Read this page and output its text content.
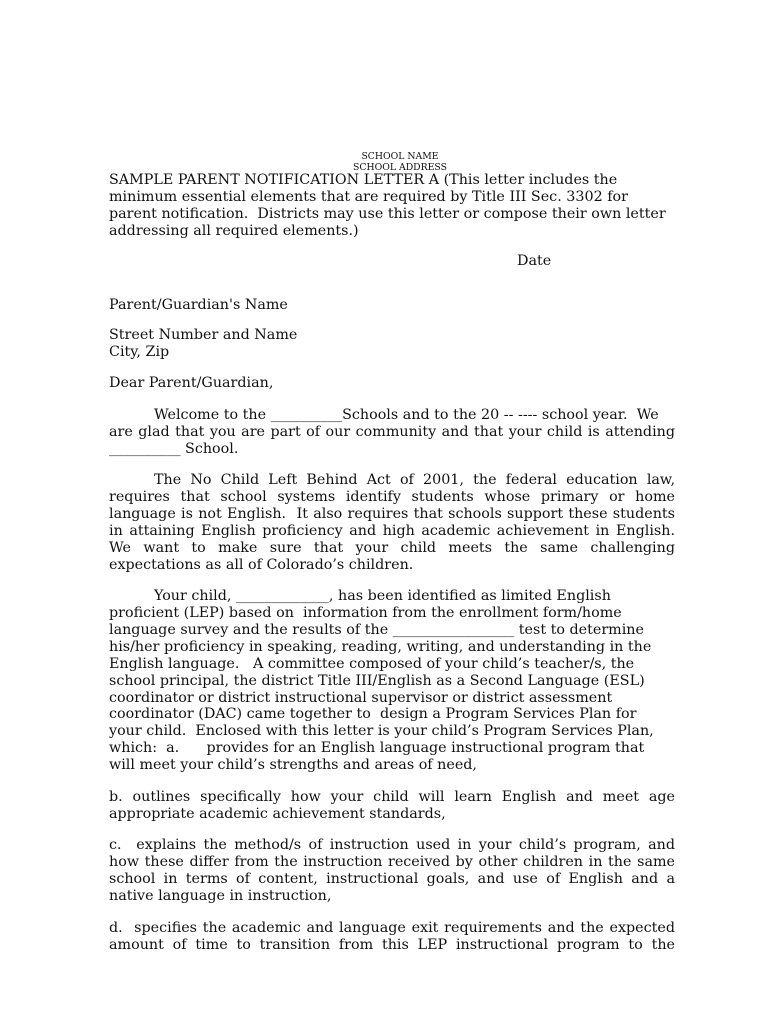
SCHOOL NAME
SCHOOL ADDRESS
SAMPLE PARENT NOTIFICATION LETTER A (This letter includes the
minimum essential elements that are required by Title III Sec. 3302 for
parent notification.  Districts may use this letter or compose their own letter
addressing all required elements.)
Date
Parent/Guardian's Name
Street Number and Name
City, Zip
Dear Parent/Guardian,
Welcome to the __________Schools and to the 20 -- ---- school year.  We
are glad that you are part of our community and that your child is attending
__________ School.
The No Child Left Behind Act of 2001, the federal education law,
requires that school systems identify students whose primary or home
language is not English.  It also requires that schools support these students
in attaining English proficiency and high academic achievement in English.
We want to make sure that your child meets the same challenging
expectations as all of Colorado’s children.
Your child, _____________, has been identified as limited English
proficient (LEP) based on  information from the enrollment form/home
language survey and the results of the _________________ test to determine
his/her proficiency in speaking, reading, writing, and understanding in the
English language.   A committee composed of your child’s teacher/s, the
school principal, the district Title III/English as a Second Language (ESL)
coordinator or district instructional supervisor or district assessment
coordinator (DAC) came together to  design a Program Services Plan for
your child.  Enclosed with this letter is your child’s Program Services Plan,
which:  a.      provides for an English language instructional program that
will meet your child’s strengths and areas of need,
b. outlines specifically how your child will learn English and meet age
appropriate academic achievement standards,
c.  explains the method/s of instruction used in your child’s program, and
how these differ from the instruction received by other children in the same
school in terms of content, instructional goals, and use of English and a
native language in instruction,
d.  specifies the academic and language exit requirements and the expected
amount of time to transition from this LEP instructional program to the
